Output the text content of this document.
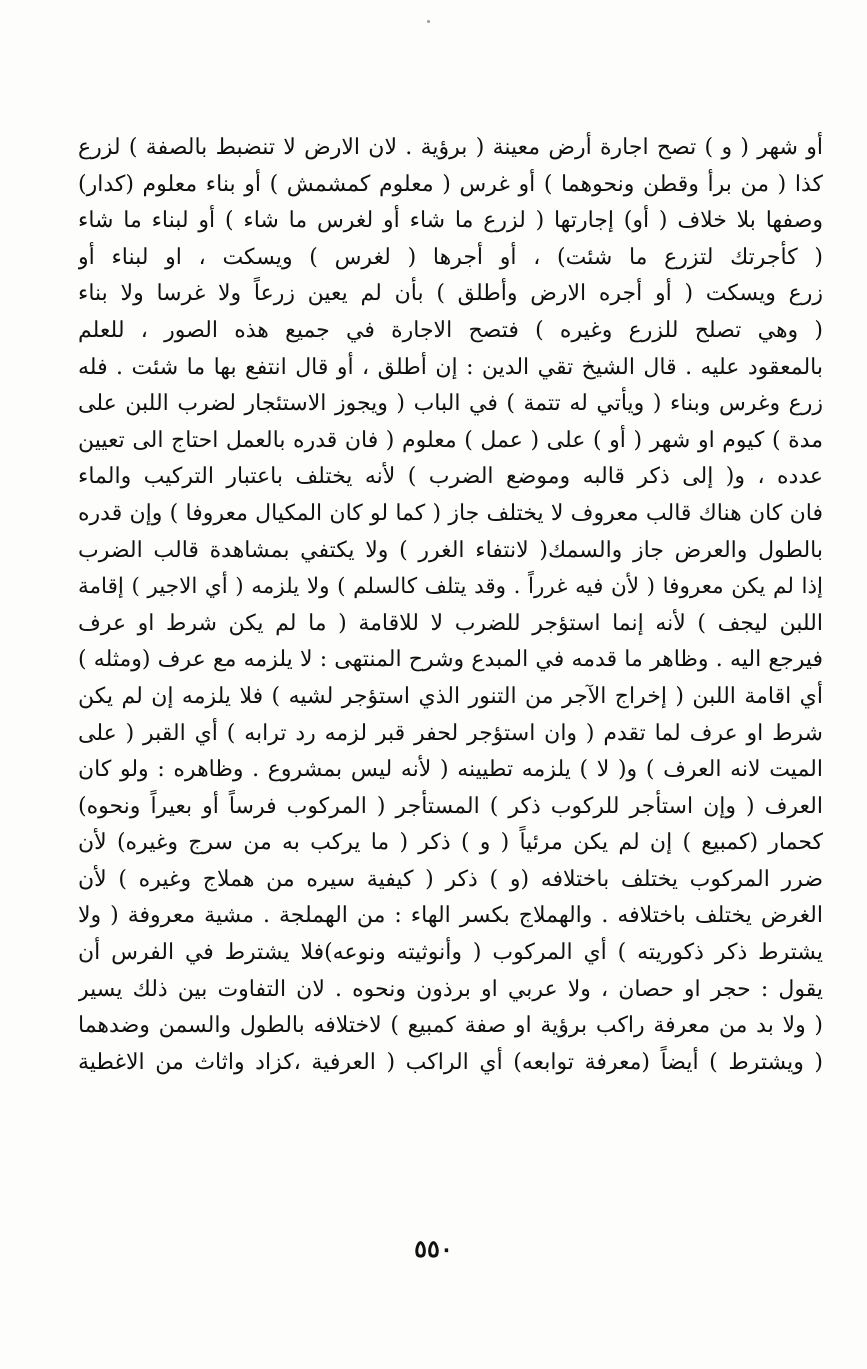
أو شهر ( و ) تصح اجارة أرض معينة ( برؤية . لان الارض لا تنضبط بالصفة ) لزرع
كذا ( من برأ وقطن ونحوهما ) أو غرس ( معلوم كمشمش ) أو بناء معلوم (كدار)
وصفها بلا خلاف ( أو) إجارتها ( لزرع ما شاء أو لغرس ما شاء ) أو لبناء ما شاء
( كأجرتك لتزرع ما شئت) ، أو أجرها ( لغرس ) ويسكت ، او لبناء أو
زرع ويسكت ( أو أجره الارض وأطلق ) بأن لم يعين زرعاً ولا غرسا ولا بناء
( وهي تصلح للزرع وغيره ) فتصح الاجارة في جميع هذه الصور ، للعلم
بالمعقود عليه . قال الشيخ تقي الدين : إن أطلق ، أو قال انتفع بها ما شئت . فله
زرع وغرس وبناء ( ويأتي له تتمة ) في الباب ( ويجوز الاستئجار لضرب اللبن على
مدة ) كيوم او شهر ( أو ) على ( عمل ) معلوم ( فان قدره بالعمل احتاج الى تعيين
عدده ، و( إلى ذكر قالبه وموضع الضرب ) لأنه يختلف باعتبار التركيب والماء
فان كان هناك قالب معروف لا يختلف جاز ( كما لو كان المكيال معروفا ) وإن قدره
بالطول والعرض جاز والسمك( لانتفاء الغرر ) ولا يكتفي بمشاهدة قالب الضرب
إذا لم يكن معروفا ( لأن فيه غرراً . وقد يتلف كالسلم ) ولا يلزمه ( أي الاجير ) إقامة
اللبن ليجف ) لأنه إنما استؤجر للضرب لا للاقامة ( ما لم يكن شرط او عرف
فيرجع اليه . وظاهر ما قدمه في المبدع وشرح المنتهى : لا يلزمه مع عرف (ومثله )
أي اقامة اللبن ( إخراج الآجر من التنور الذي استؤجر لشيه ) فلا يلزمه إن لم يكن
شرط او عرف لما تقدم ( وان استؤجر لحفر قبر لزمه رد ترابه ) أي القبر ( على
الميت لانه العرف ) و( لا ) يلزمه تطيينه ( لأنه ليس بمشروع . وظاهره : ولو كان
العرف ( وإن استأجر للركوب ذكر ) المستأجر ( المركوب فرساً أو بعيراً ونحوه)
كحمار (كمبيع ) إن لم يكن مرئياً ( و ) ذكر ( ما يركب به من سرج وغيره) لأن
ضرر المركوب يختلف باختلافه (و ) ذكر ( كيفية سيره من هملاج وغيره ) لأن
الغرض يختلف باختلافه . والهملاج بكسر الهاء : من الهملجة . مشية معروفة ( ولا
يشترط ذكر ذكوريته ) أي المركوب ( وأنوثيته ونوعه)فلا يشترط في الفرس أن
يقول : حجر او حصان ، ولا عربي او برذون ونحوه . لان التفاوت بين ذلك يسير
( ولا بد من معرفة راكب برؤية او صفة كمبيع ) لاختلافه بالطول والسمن وضدهما
( ويشترط ) أيضاً (معرفة توابعه) أي الراكب ( العرفية ،كزاد واثاث من الاغطية
٥٥٠
